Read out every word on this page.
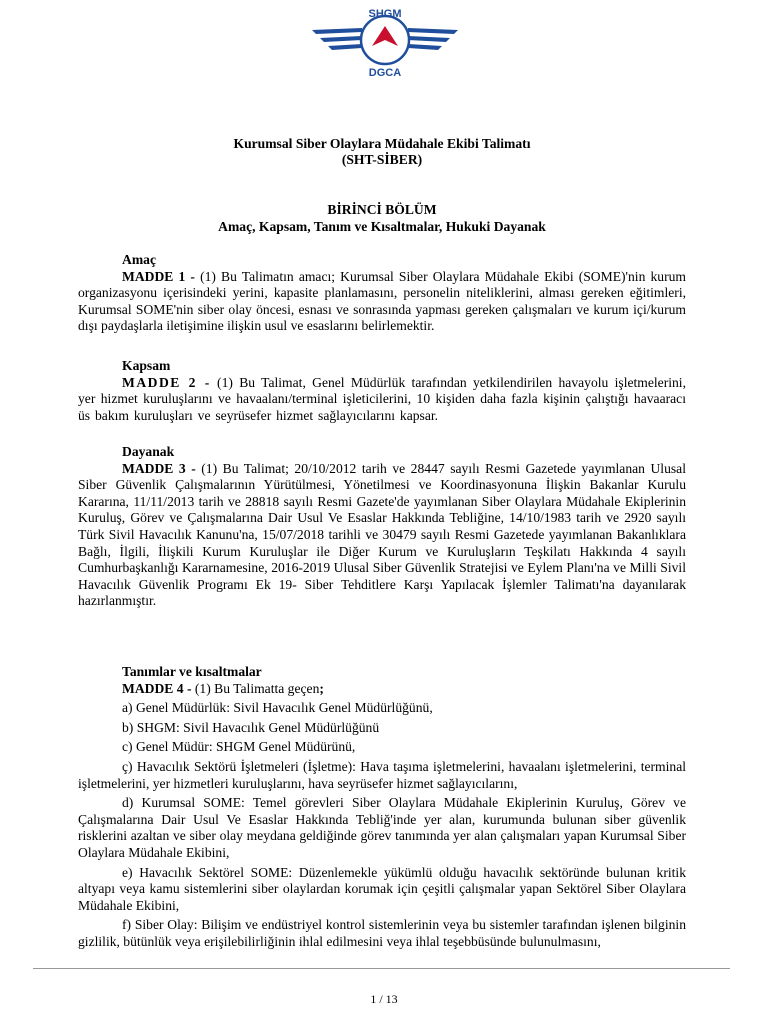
SHGM
DGCA
Kurumsal Siber Olaylara Müdahale Ekibi Talimatı
(SHT-SİBER)
BİRİNCİ BÖLÜM
Amaç, Kapsam, Tanım ve Kısaltmalar, Hukuki Dayanak
Amaç

MADDE 1 - (1) Bu Talimatın amacı; Kurumsal Siber Olaylara Müdahale Ekibi (SOME)'nin kurum organizasyonu içerisindeki yerini, kapasite planlamasını, personelin niteliklerini, alması gereken eğitimleri, Kurumsal SOME'nin siber olay öncesi, esnası ve sonrasında yapması gereken çalışmaları ve kurum içi/kurum dışı paydaşlarla iletişimine ilişkin usul ve esaslarını belirlemektir.

Kapsam

MADDE 2 - (1) Bu Talimat, Genel Müdürlük tarafından yetkilendirilen havayolu işletmelerini, yer hizmet kuruluşlarını ve havaalanı/terminal işleticilerini, 10 kişiden daha fazla kişinin çalıştığı havaaracı üs bakım kuruluşları ve seyrüsefer hizmet sağlayıcılarını kapsar.

Dayanak

MADDE 3 - (1) Bu Talimat; 20/10/2012 tarih ve 28447 sayılı Resmi Gazetede yayımlanan Ulusal Siber Güvenlik Çalışmalarının Yürütülmesi, Yönetilmesi ve Koordinasyonuna İlişkin Bakanlar Kurulu Kararına, 11/11/2013 tarih ve 28818 sayılı Resmi Gazete'de yayımlanan Siber Olaylara Müdahale Ekiplerinin Kuruluş, Görev ve Çalışmalarına Dair Usul Ve Esaslar Hakkında Tebliğine, 14/10/1983 tarih ve 2920 sayılı Türk Sivil Havacılık Kanunu'na, 15/07/2018 tarihli ve 30479 sayılı Resmi Gazetede yayımlanan Bakanlıklara Bağlı, İlgili, İlişkili Kurum Kuruluşlar ile Diğer Kurum ve Kuruluşların Teşkilatı Hakkında 4 sayılı Cumhurbaşkanlığı Kararnamesine, 2016-2019 Ulusal Siber Güvenlik Stratejisi ve Eylem Planı'na ve Milli Sivil Havacılık Güvenlik Programı Ek 19- Siber Tehditlere Karşı Yapılacak İşlemler Talimatı'na dayanılarak hazırlanmıştır.

Tanımlar ve kısaltmalar

MADDE 4 - (1) Bu Talimatta geçen;

a) Genel Müdürlük: Sivil Havacılık Genel Müdürlüğünü,

b) SHGM: Sivil Havacılık Genel Müdürlüğünü

c) Genel Müdür: SHGM Genel Müdürünü,

ç) Havacılık Sektörü İşletmeleri (İşletme): Hava taşıma işletmelerini, havaalanı işletmelerini, terminal işletmelerini, yer hizmetleri kuruluşlarını, hava seyrüsefer hizmet sağlayıcılarını,

d) Kurumsal SOME: Temel görevleri Siber Olaylara Müdahale Ekiplerinin Kuruluş, Görev ve Çalışmalarına Dair Usul Ve Esaslar Hakkında Tebliğ'inde yer alan, kurumunda bulunan siber güvenlik risklerini azaltan ve siber olay meydana geldiğinde görev tanımında yer alan çalışmaları yapan Kurumsal Siber Olaylara Müdahale Ekibini,

e) Havacılık Sektörel SOME: Düzenlemekle yükümlü olduğu havacılık sektöründe bulunan kritik altyapı veya kamu sistemlerini siber olaylardan korumak için çeşitli çalışmalar yapan Sektörel Siber Olaylara Müdahale Ekibini,

f) Siber Olay: Bilişim ve endüstriyel kontrol sistemlerinin veya bu sistemler tarafından işlenen bilginin gizlilik, bütünlük veya erişilebilirliğinin ihlal edilmesini veya ihlal teşebbüsünde bulunulmasını,

1 / 13
